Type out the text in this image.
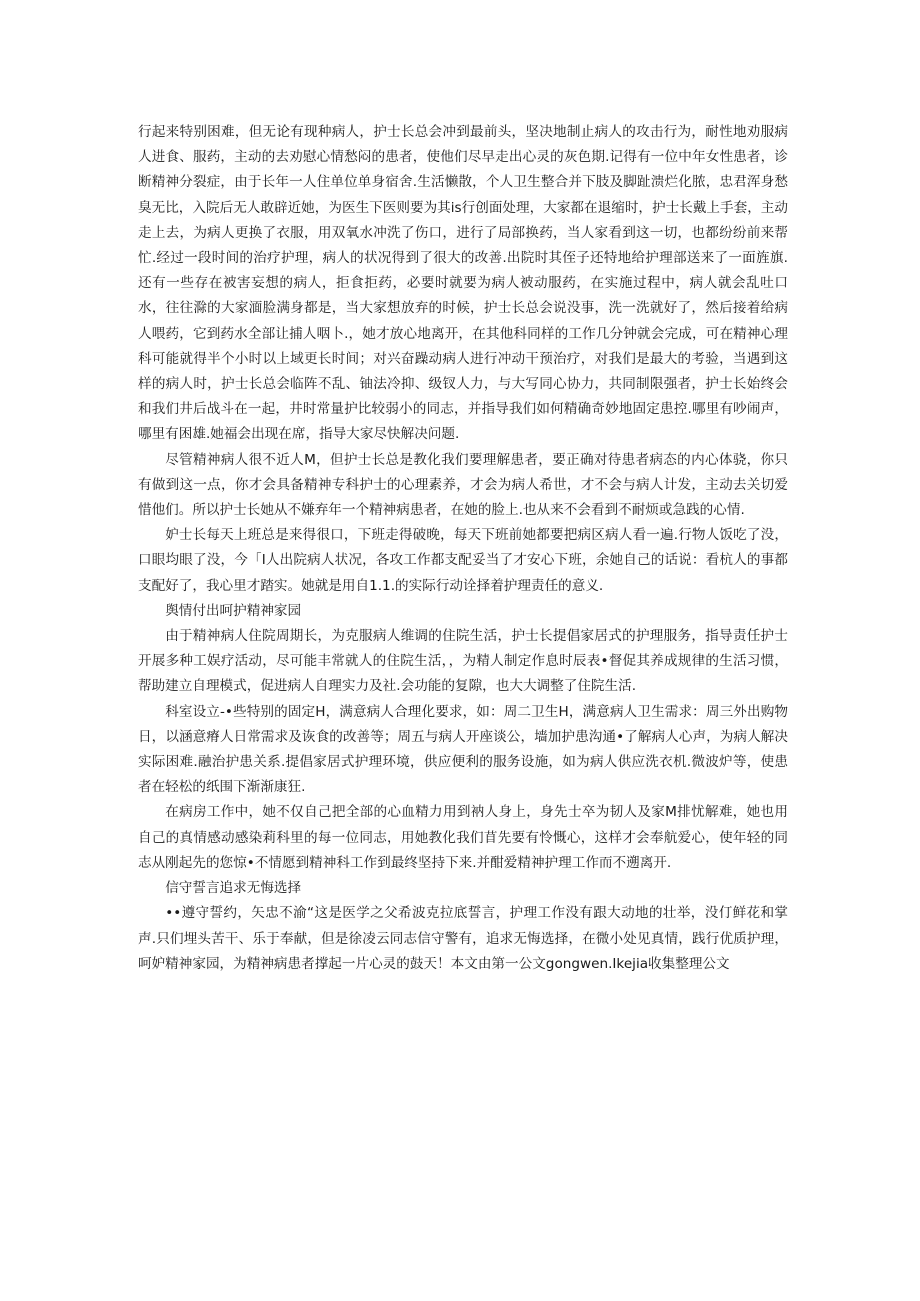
行起来特别困难，但无论有现种病人，护士长总会冲到最前头，坚决地制止病人的攻击行为，耐性地劝服病人进食、服药，主动的去劝慰心情愁闷的患者，使他们尽早走出心灵的灰色期.记得有一位中年女性患者，诊断精神分裂症，由于长年一人住单位单身宿舍.生活懒散，个人卫生整合并下肢及脚趾溃烂化脓，忠君浑身愁臭无比，入院后无人敢辟近她，为医生下医则要为其is行创面处理，大家都在退缩时，护士长戴上手套，主动走上去，为病人更换了衣服，用双氧水冲洗了伤口，进行了局部换药，当人家看到这一切，也都纷纷前来帮忙.经过一段时间的治疗护理，病人的状况得到了很大的改善.出院时其侄子还特地给护理部送来了一面旌旗.还有一些存在被害妄想的病人，拒食拒药，必要时就要为病人被动服药，在实施过程中，病人就会乱吐口水，往往滁的大家湎脸满身都是，当大家想放弃的时候，护士长总会说没事，洗一洗就好了，然后接着给病人喂药，它到药水全部让捕人咽卜.，她才放心地离开，在其他科同样的工作几分钟就会完成，可在精神心理科可能就得半个小时以上域更长时间；对兴奋躁动病人进行冲动干预治疗，对我们是最大的考验，当遇到这样的病人时，护士长总会临阵不乱、铀法冷抑、级钗人力，与大写同心协力，共同制限强者，护士长始终会和我们井后战斗在一起，井时常量护比较弱小的同志，并指导我们如何精确奇妙地固定患控.哪里有吵闹声，哪里有困雄.她福会出现在席，指导大家尽快解决问题.

尽管精神病人很不近人M，但护士长总是教化我们要理解患者，要正确对待患者病态的内心体骁，你只有做到这一点，你才会具备精神专科护士的心理素养，才会为病人希世，才不会与病人计发，主动去关切爱惜他们。所以护士长她从不嫌弃年一个精神病患者，在她的脸上.也从来不会看到不耐烦或急践的心情.

妒士长每天上班总是来得很口，下班走得破晚，每天下班前她都要把病区病人看一遍.行物人饭吃了没，口眼均眼了没，今「I人出院病人状况，各攻工作都支配妥当了才安心下班，余她自己的话说：看杭人的事都支配好了，我心里才踏实。她就是用自1.1.的实际行动诠择着护理责任的意义.

舆情付出呵护精神家园

由于精神病人住院周期长，为克服病人维调的住院生活，护士长提倡家居式的护理服务，指导责任护士开展多种工娱疗活动，尽可能丰常就人的住院生活，，为精人制定作息时辰表•督促其养成规律的生活习惯，帮助建立自理模式，促进病人自理实力及社.会功能的复隙，也大大调整了住院生活.

科室设立-•些特别的固定H，满意病人合理化要求，如：周二卫生H，满意病人卫生需求：周三外出购物日，以涵意瘠人日常需求及诙食的改善等；周五与病人开座谈公，墙加护患沟通•了解病人心声，为病人解决实际困难.融治护患关系.提倡家居式护理环境，供应便利的服务设施，如为病人供应洗衣机.微波炉等，使患者在轻松的纸围下渐渐康狂.

在病房工作中，她不仅自己把全部的心血精力用到衲人身上，身先士卒为韧人及家M排忧解难，她也用自己的真情感动感染莉科里的每一位同志，用她教化我们苜先要有怜慨心，这样才会奉航爱心，使年轻的同志从刚起先的您惊•不情愿到精神科工作到最终坚持下来.并酣爱精神护理工作而不遡离开.

信守誓言追求无悔选择

••遵守誓约，矢忠不渝“这是医学之父希波克拉底誓言，护理工作没有跟大动地的壮举，没仃鲜花和掌声.只们埋头苦干、乐于奉献，但是徐凌云同志信守警有，追求无悔选择，在微小处见真情，践行优质护理，呵妒精神家园，为精神病患者撑起一片心灵的鼓天！本文由第一公文gongwen.Ikejia收集整理公文
